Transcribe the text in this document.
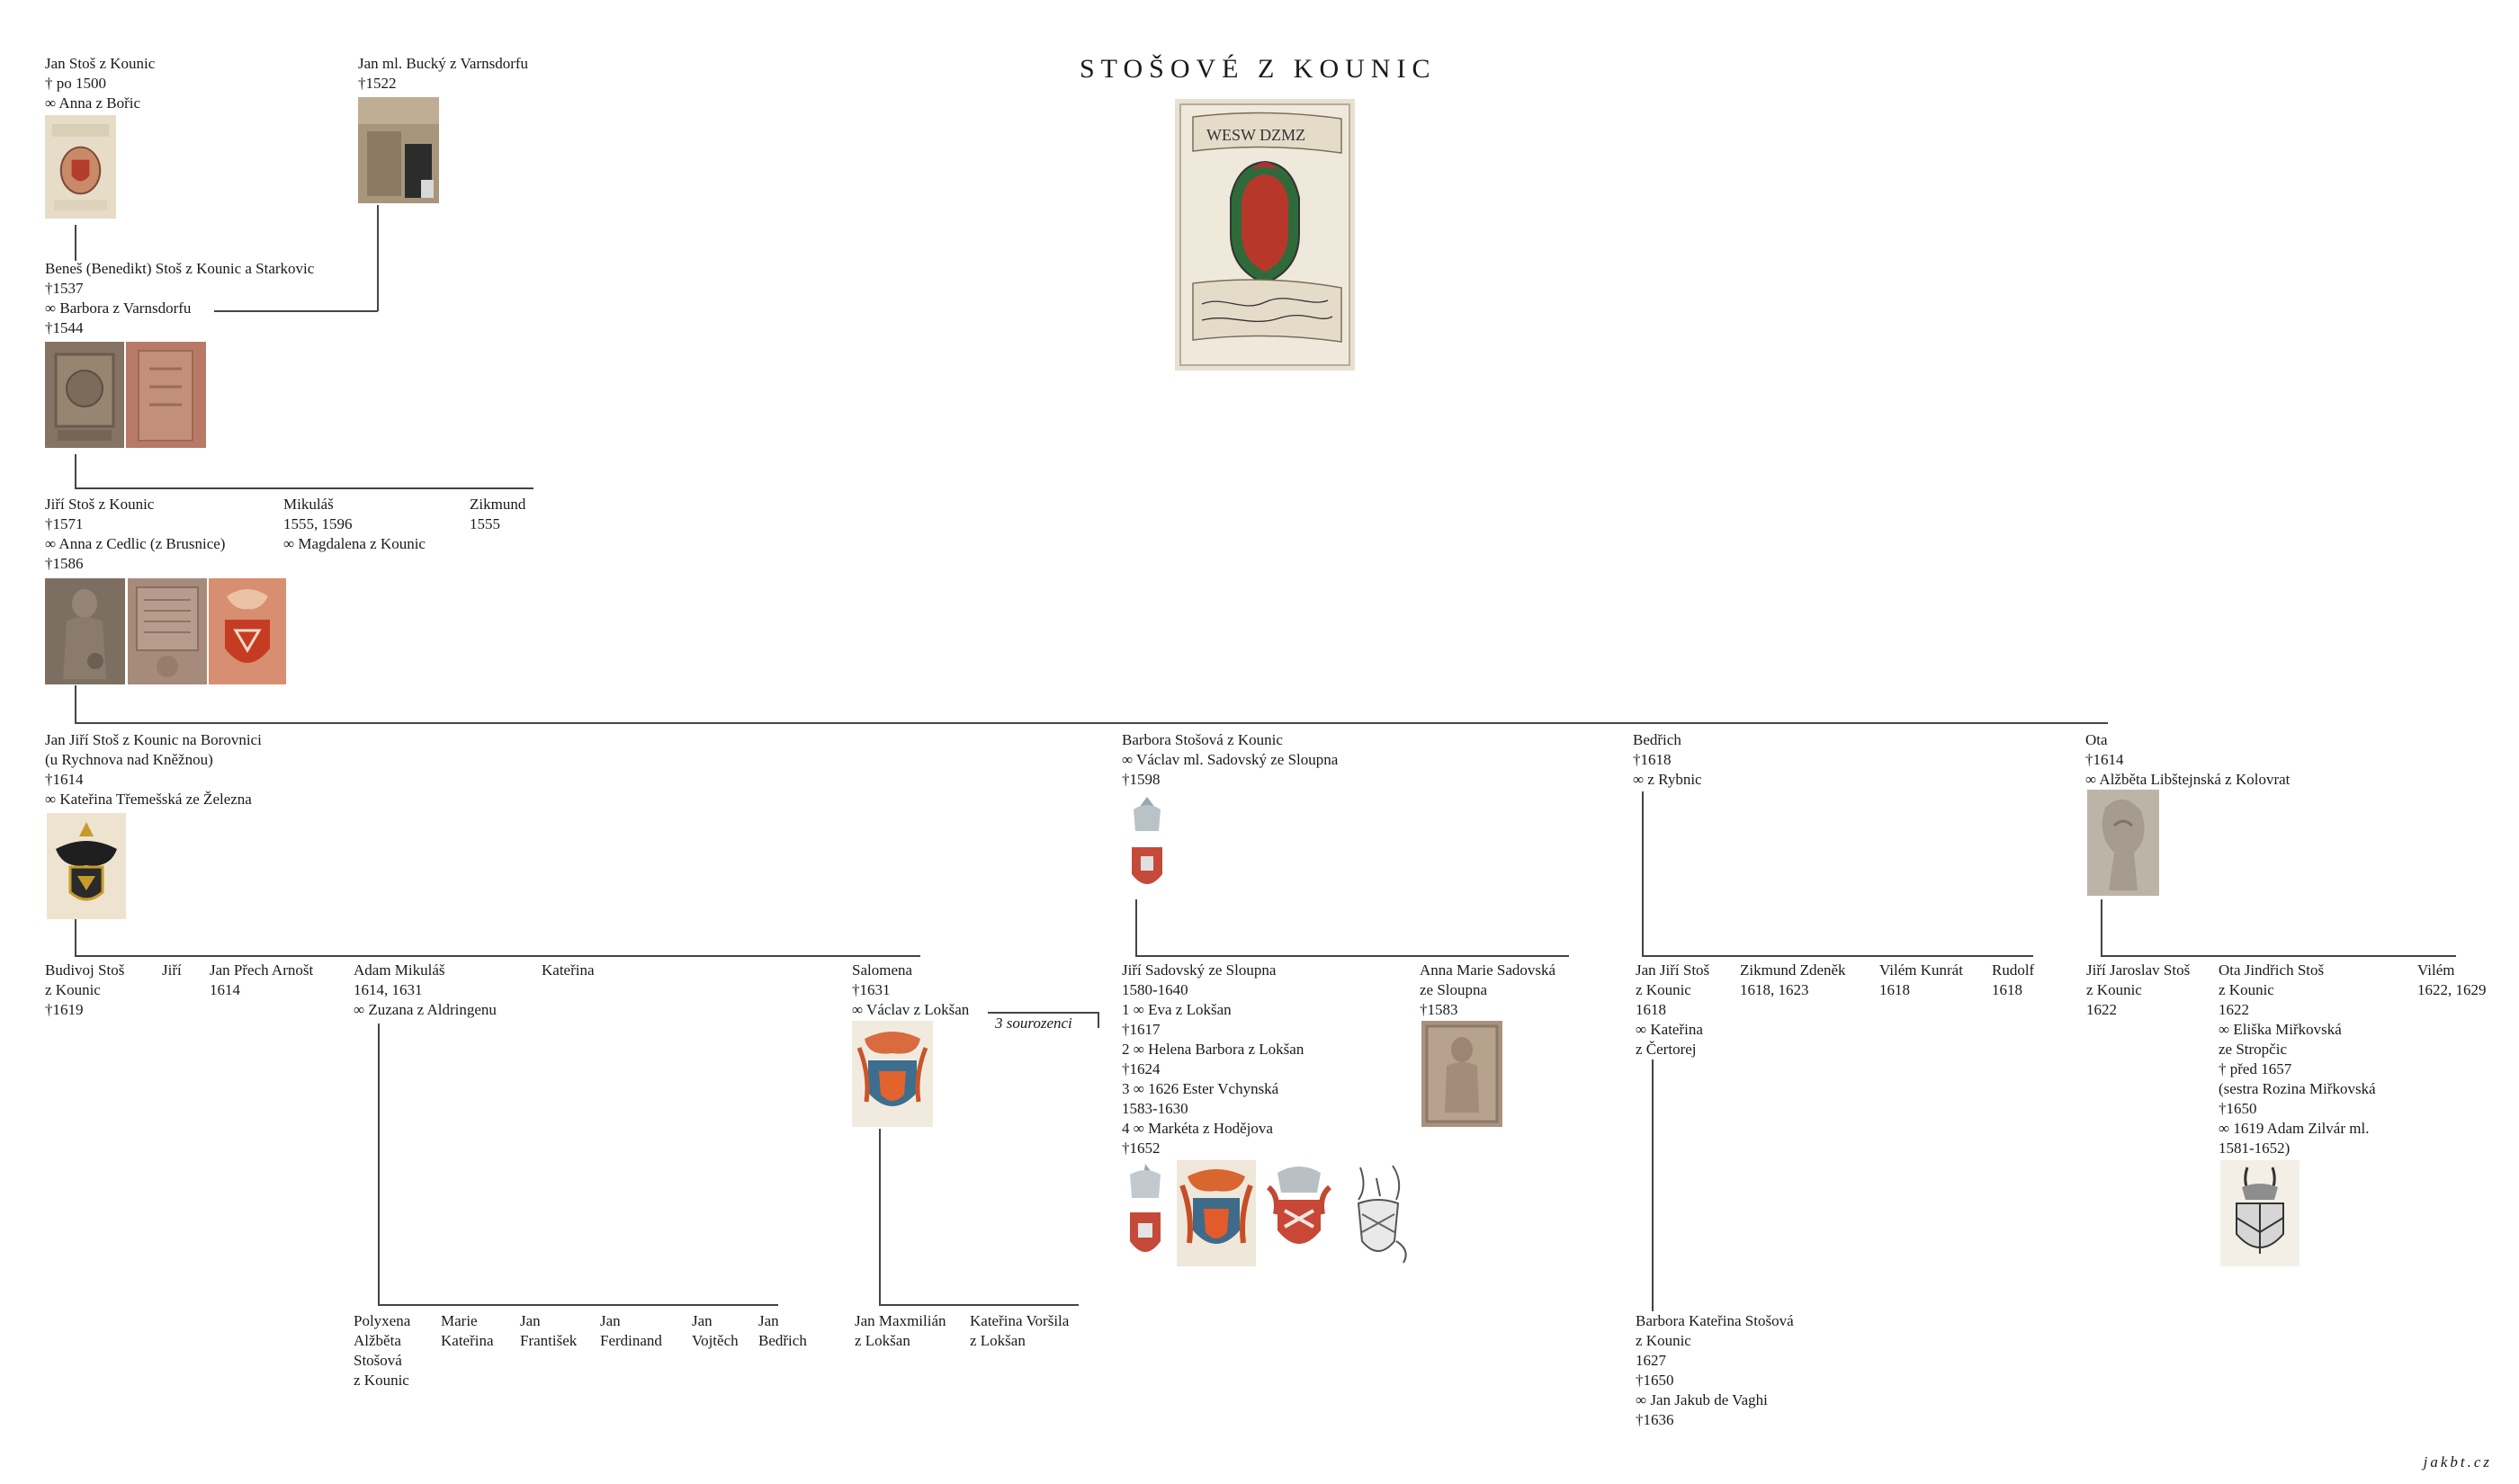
STOŠOVÉ Z KOUNIC
WESW DZMZ
Jan Stoš z Kounic
† po 1500
∞ Anna z Bořic
Jan ml. Bucký z Varnsdorfu
†1522
Beneš (Benedikt) Stoš z Kounic a Starkovic
†1537
∞ Barbora z Varnsdorfu
†1544
Jiří Stoš z Kounic
†1571
∞ Anna z Cedlic (z Brusnice)
†1586
Mikuláš
1555, 1596
∞ Magdalena z Kounic
Zikmund
1555
Jan Jiří Stoš z Kounic na Borovnici
(u Rychnova nad Kněžnou)
†1614
∞ Kateřina Třemešská ze Železna
Barbora Stošová z Kounic
∞ Václav ml. Sadovský ze Sloupna
†1598
Bedřich
†1618
∞ z Rybnic
Ota
†1614
∞ Alžběta Libštejnská z Kolovrat
Budivoj Stoš
z Kounic
†1619
Jiří Jan Přech Arnošt
1614
Adam Mikuláš
1614, 1631
∞ Zuzana z Aldringenu
Kateřina	Salomena
†1631
∞ Václav z Lokšan
3 sourozenci
Jiří Sadovský ze Sloupna
1580-1640
1 ∞ Eva z Lokšan
†1617
2 ∞ Helena Barbora z Lokšan
†1624
3 ∞ 1626 Ester Vchynská
1583-1630
4 ∞ Markéta z Hodějova
†1652
Anna Marie Sadovská
ze Sloupna
†1583
Jan Jiří Stoš
z Kounic
1618
∞ Kateřina
z Čertorej
Zikmund Zdeněk
1618, 1623
Vilém Kunrát
1618
Rudolf
1618
Jiří Jaroslav Stoš
z Kounic
1622
Ota Jindřich Stoš
z Kounic
1622
∞ Eliška Miřkovská
ze Stropčic
† před 1657
(sestra Rozina Miřkovská
†1650
∞ 1619 Adam Zilvár ml.
1581-1652)
Vilém
1622, 1629
Polyxena
Alžběta
Stošová
z Kounic
Marie
Kateřina
Jan
František
Jan
Ferdinand
Jan
Vojtěch
Jan
Bedřich
Jan Maxmilián
z Lokšan
Kateřina Voršila
z Lokšan
Barbora Kateřina Stošová
z Kounic
1627
†1650
∞ Jan Jakub de Vaghi
†1636
jakbt.cz
